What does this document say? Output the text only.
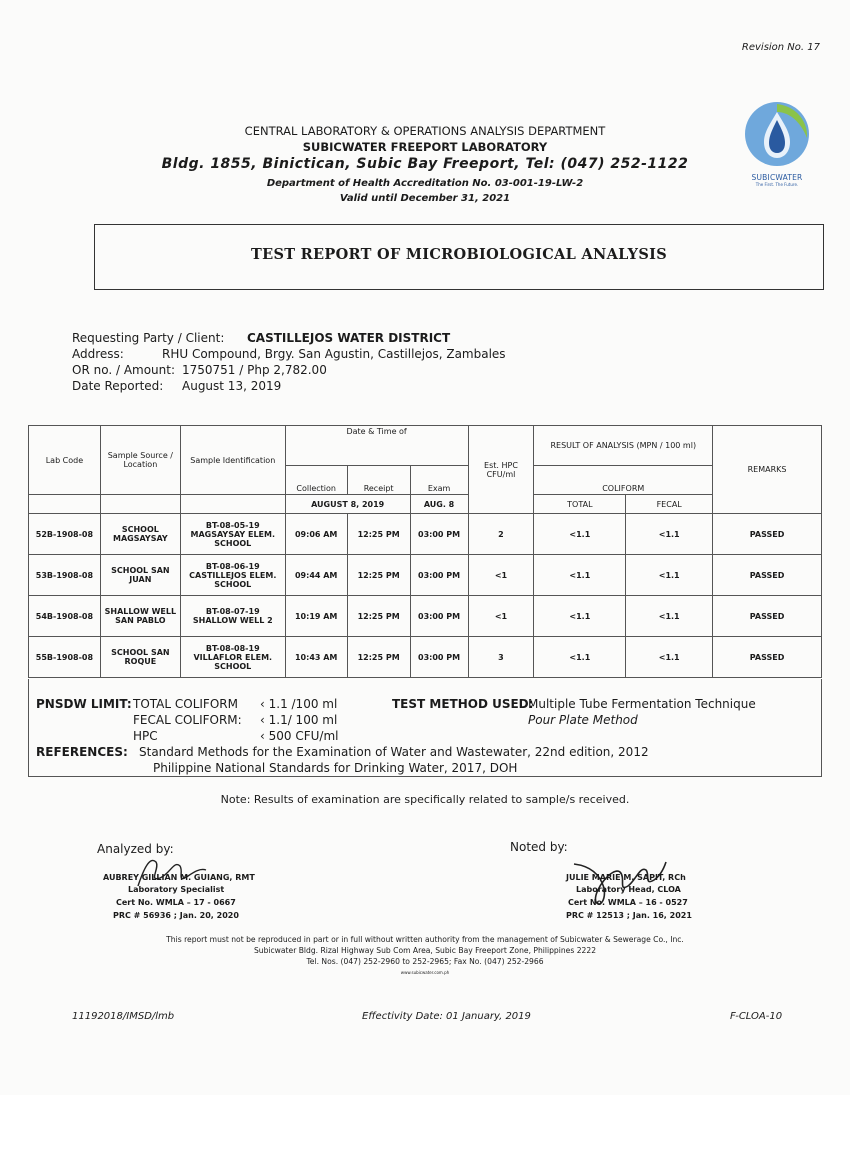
Revision No. 17
SUBICWATER
The First. The Future.
CENTRAL LABORATORY & OPERATIONS ANALYSIS DEPARTMENT
SUBICWATER FREEPORT LABORATORY
Bldg. 1855, Binictican, Subic Bay Freeport, Tel: (047) 252-1122
Department of Health Accreditation No. 03-001-19-LW-2
Valid until December 31, 2021
TEST REPORT OF MICROBIOLOGICAL ANALYSIS
Requesting Party / Client: CASTILLEJOS WATER DISTRICT
Address:	RHU Compound, Brgy. San Agustin, Castillejos, Zambales
OR no. / Amount: 1750751 / Php 2,782.00
Date Reported: August 13, 2019
Lab Code	Sample Source / Location	Sample Identification	Date & Time of			Est. HPC CFU/ml	RESULT OF ANALYSIS (MPN / 100 ml)		REMARKS
			Collection	Receipt	Exam		COLIFORM		
			AUGUST 8, 2019		AUG. 8		TOTAL	FECAL	
52B-1908-08	SCHOOL MAGSAYSAY	BT-08-05-19 MAGSAYSAY ELEM. SCHOOL	09:06 AM	12:25 PM	03:00 PM	2	<1.1	<1.1	PASSED
53B-1908-08	SCHOOL SAN JUAN	BT-08-06-19 CASTILLEJOS ELEM. SCHOOL	09:44 AM	12:25 PM	03:00 PM	<1	<1.1	<1.1	PASSED
54B-1908-08	SHALLOW WELL SAN PABLO	BT-08-07-19 SHALLOW WELL 2	10:19 AM	12:25 PM	03:00 PM	<1	<1.1	<1.1	PASSED
55B-1908-08	SCHOOL SAN ROQUE	BT-08-08-19 VILLAFLOR ELEM. SCHOOL	10:43 AM	12:25 PM	03:00 PM	3	<1.1	<1.1	PASSED
PNSDW LIMIT: TOTAL COLIFORM ‹ 1.1 /100 ml	TEST METHOD USED:
Multiple Tube Fermentation Technique
FECAL COLIFORM: ‹ 1.1/ 100 ml	Pour Plate Method
HPC	‹ 500 CFU/ml
REFERENCES: Standard Methods for the Examination of Water and Wastewater, 22nd edition, 2012
Philippine National Standards for Drinking Water, 2017, DOH
Note: Results of examination are specifically related to sample/s received.
Analyzed by:
AUBREY GILLIAN M. GUIANG, RMT
Laboratory Specialist
Cert No. WMLA – 17 - 0667
PRC # 56936 ; Jan. 20, 2020
Noted by:
JULIE MARIE M. SAPIT, RCh
Laboratory Head, CLOA
Cert No. WMLA – 16 - 0527
PRC # 12513 ; Jan. 16, 2021
This report must not be reproduced in part or in full without written authority from the management of Subicwater & Sewerage Co., Inc.
Subicwater Bldg. Rizal Highway Sub Com Area, Subic Bay Freeport Zone, Philippines 2222
Tel. Nos. (047) 252-2960 to 252-2965; Fax No. (047) 252-2966
www.subicwater.com.ph
11192018/IMSD/lmb	Effectivity Date: 01 January, 2019	F-CLOA-10
